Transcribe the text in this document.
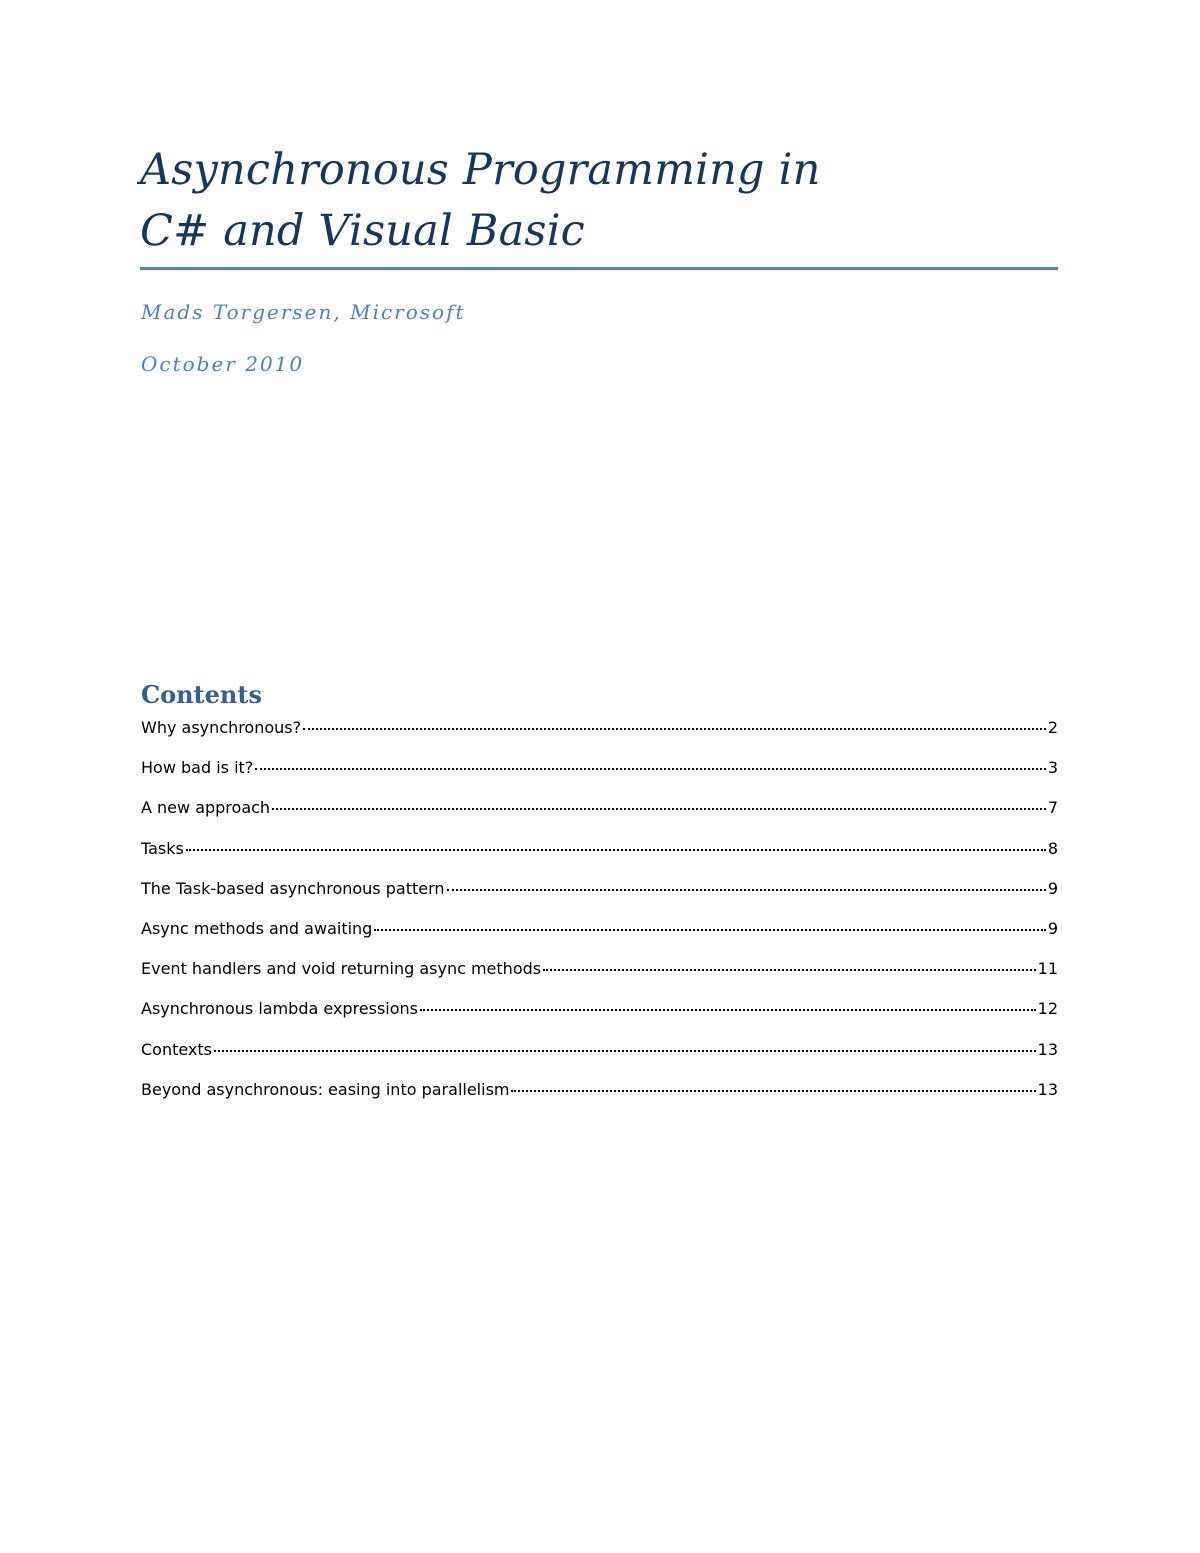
Asynchronous Programming in
C# and Visual Basic
Mads Torgersen, Microsoft
October 2010
Contents
Why asynchronous?	2
How bad is it?	3
A new approach	7
Tasks	8
The Task-based asynchronous pattern	9
Async methods and awaiting	9
Event handlers and void returning async methods	11
Asynchronous lambda expressions	12
Contexts	13
Beyond asynchronous: easing into parallelism	13
